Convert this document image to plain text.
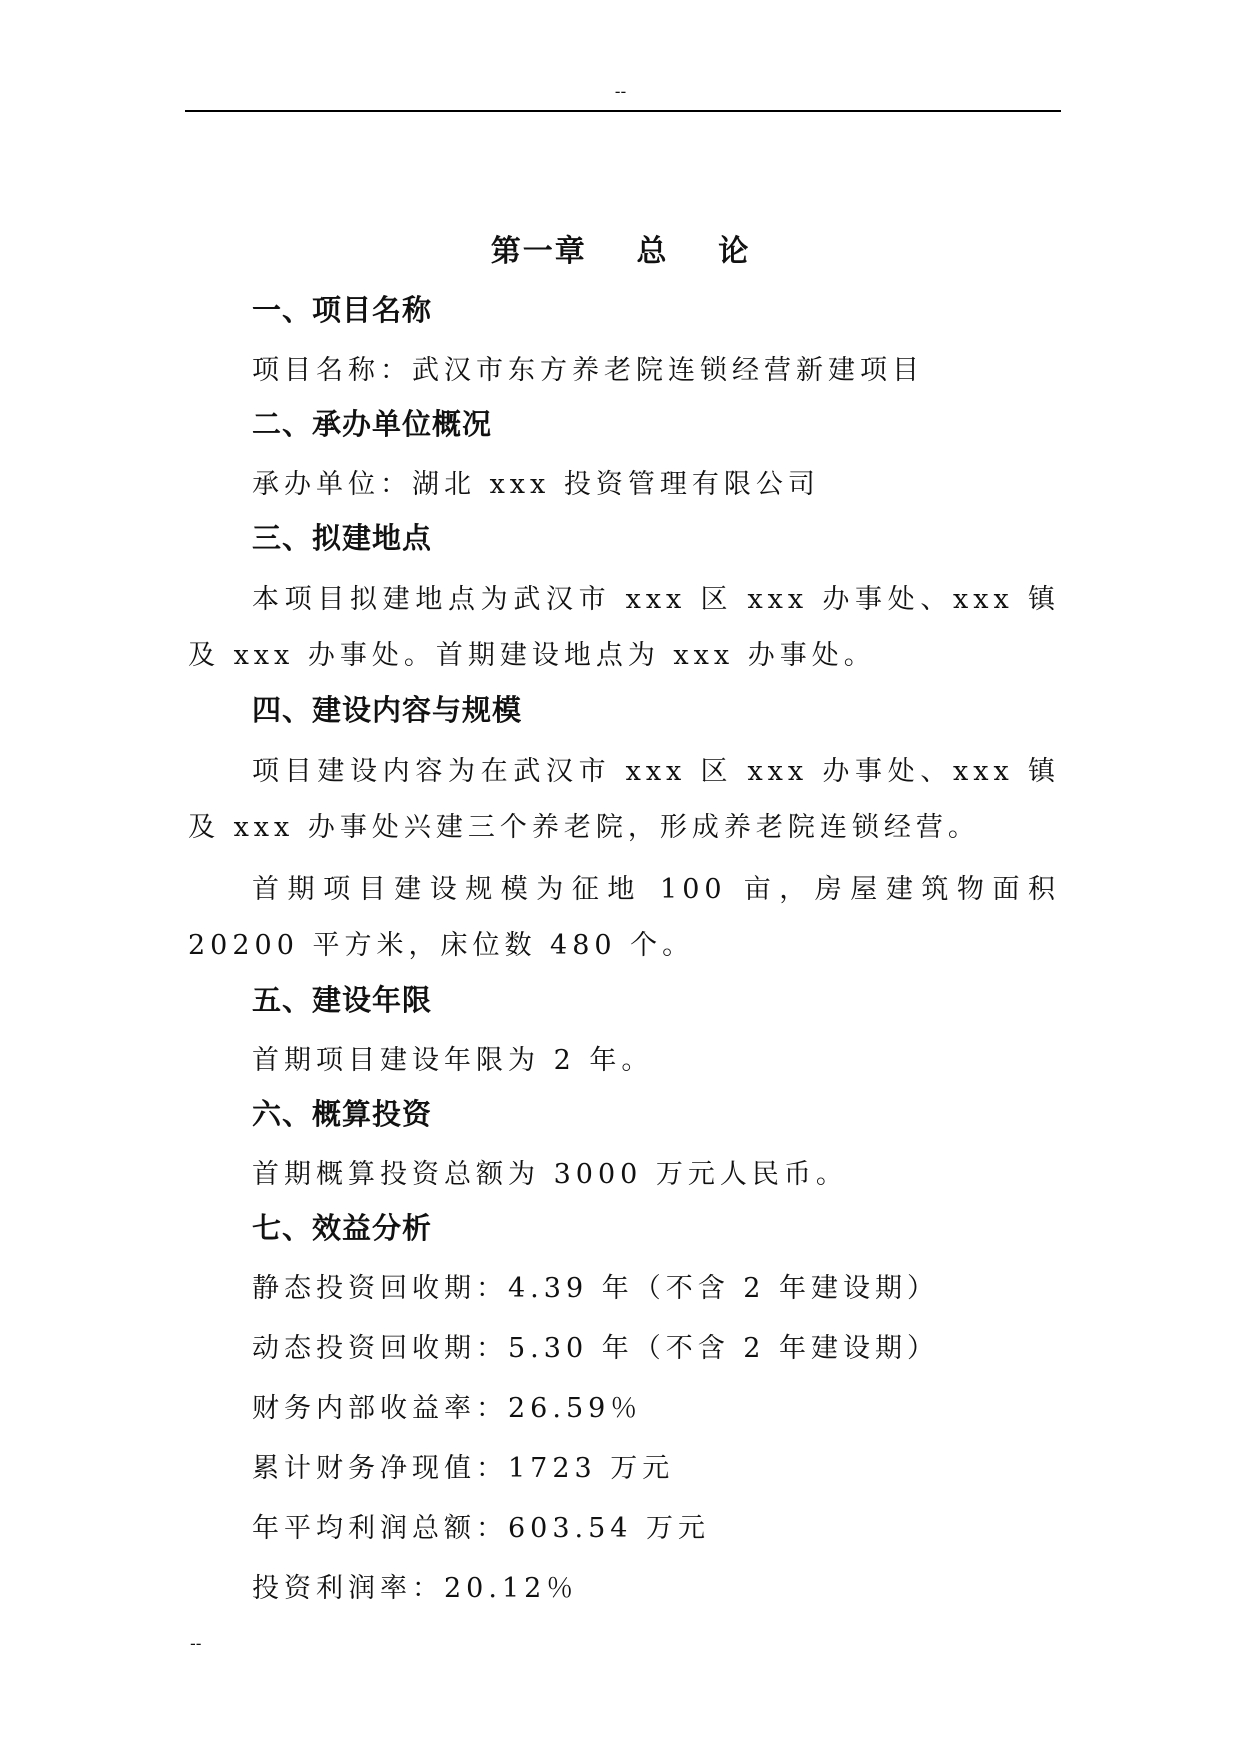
--
第一章    总    论
一、项目名称
项目名称：武汉市东方养老院连锁经营新建项目
二、承办单位概况
承办单位：湖北 xxx 投资管理有限公司
三、拟建地点
本项目拟建地点为武汉市 xxx 区 xxx 办事处、xxx 镇及 xxx 办事处。首期建设地点为 xxx 办事处。
四、建设内容与规模
项目建设内容为在武汉市 xxx 区 xxx 办事处、xxx 镇及 xxx 办事处兴建三个养老院，形成养老院连锁经营。
首期项目建设规模为征地 100 亩，房屋建筑物面积 20200 平方米，床位数 480 个。
五、建设年限
首期项目建设年限为 2 年。
六、概算投资
首期概算投资总额为 3000 万元人民币。
七、效益分析
静态投资回收期：4.39 年（不含 2 年建设期）
动态投资回收期：5.30 年（不含 2 年建设期）
财务内部收益率：26.59％
累计财务净现值：1723 万元
年平均利润总额：603.54 万元
投资利润率：20.12％
--
